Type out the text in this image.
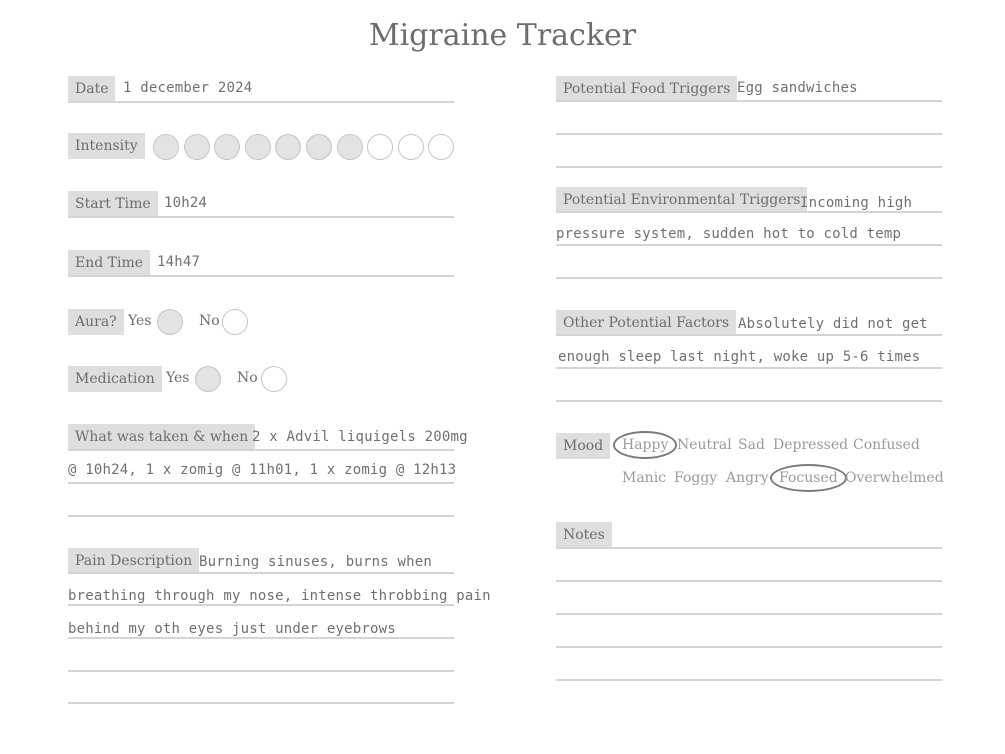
Migraine Tracker
Date	1 december 2024
Intensity
Start Time 10h24
End Time 14h47
Aura? Yes	No
Medication Yes	No
What was taken & when 2 x Advil liquigels 200mg
@ 10h24, 1 x zomig @ 11h01, 1 x zomig @ 12h13
Pain Description Burning sinuses, burns when
breathing through my nose, intense throbbing pain
behind my oth eyes just under eyebrows
Potential Food Triggers Egg sandwiches
Potential Environmental Triggers Incoming high
pressure system, sudden hot to cold temp
Other Potential Factors Absolutely did not get
enough sleep last night, woke up 5-6 times
Mood	Happy Neutral Sad Depressed Confused
Manic Foggy Angry Focused Overwhelmed
Notes
